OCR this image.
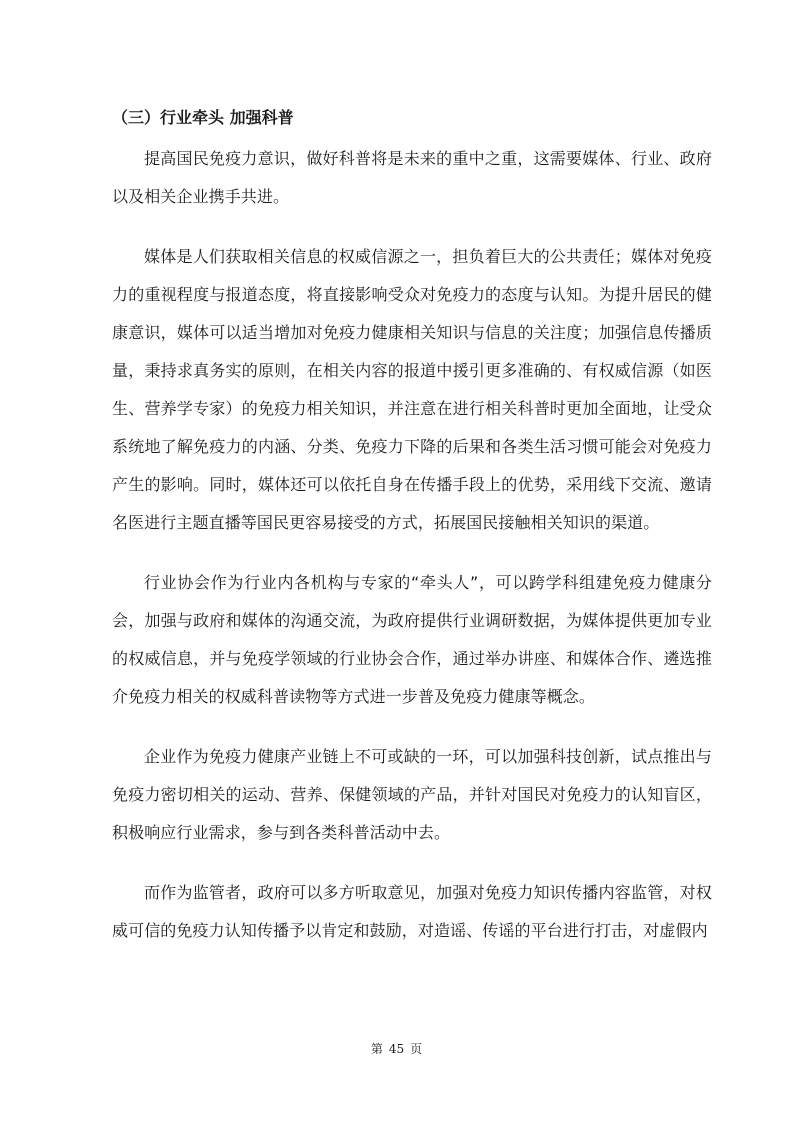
（三）行业牵头 加强科普

提高国民免疫力意识，做好科普将是未来的重中之重，这需要媒体、行业、政府以及相关企业携手共进。

媒体是人们获取相关信息的权威信源之一，担负着巨大的公共责任；媒体对免疫力的重视程度与报道态度，将直接影响受众对免疫力的态度与认知。为提升居民的健康意识，媒体可以适当增加对免疫力健康相关知识与信息的关注度；加强信息传播质量，秉持求真务实的原则，在相关内容的报道中援引更多准确的、有权威信源（如医生、营养学专家）的免疫力相关知识，并注意在进行相关科普时更加全面地，让受众系统地了解免疫力的内涵、分类、免疫力下降的后果和各类生活习惯可能会对免疫力产生的影响。同时，媒体还可以依托自身在传播手段上的优势，采用线下交流、邀请名医进行主题直播等国民更容易接受的方式，拓展国民接触相关知识的渠道。

行业协会作为行业内各机构与专家的“牵头人”，可以跨学科组建免疫力健康分会，加强与政府和媒体的沟通交流，为政府提供行业调研数据，为媒体提供更加专业的权威信息，并与免疫学领域的行业协会合作，通过举办讲座、和媒体合作、遴选推介免疫力相关的权威科普读物等方式进一步普及免疫力健康等概念。

企业作为免疫力健康产业链上不可或缺的一环，可以加强科技创新，试点推出与免疫力密切相关的运动、营养、保健领域的产品，并针对国民对免疫力的认知盲区，积极响应行业需求，参与到各类科普活动中去。

而作为监管者，政府可以多方听取意见，加强对免疫力知识传播内容监管，对权威可信的免疫力认知传播予以肯定和鼓励，对造谣、传谣的平台进行打击，对虚假内

第 45 页
